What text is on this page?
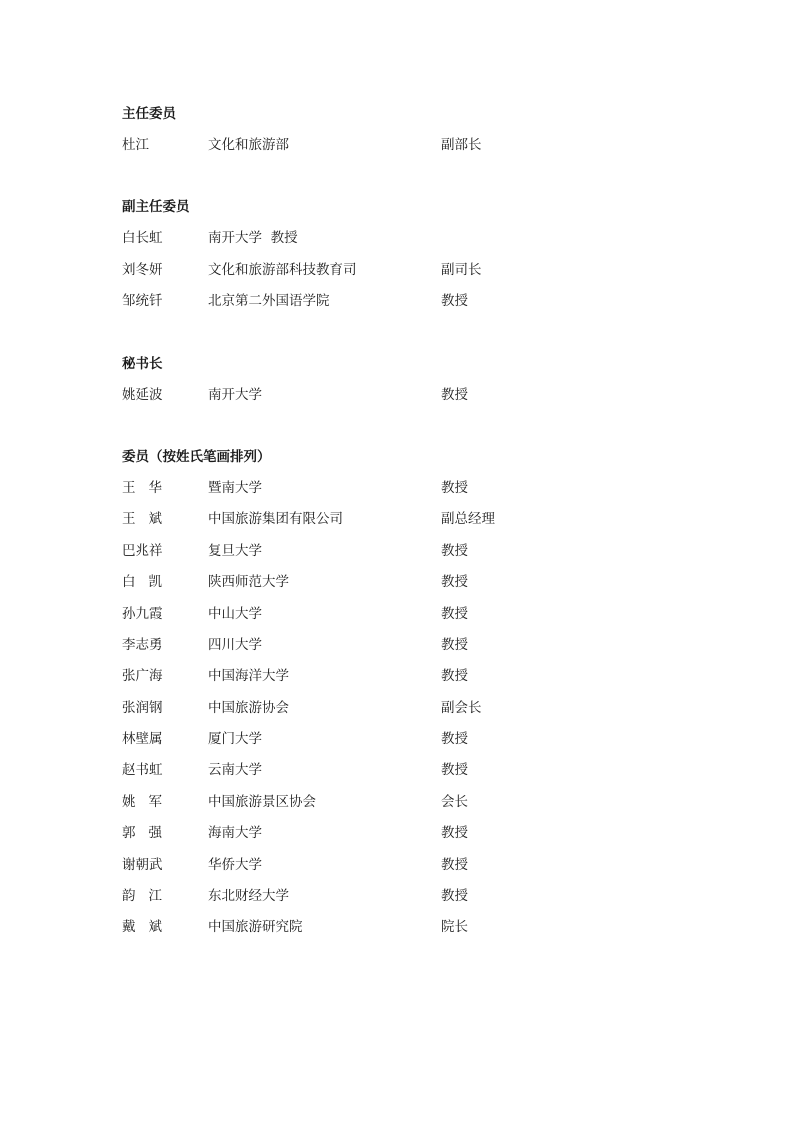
主任委员
杜江	文化和旅游部	副部长
副主任委员
白长虹	南开大学  教授
刘冬妍	文化和旅游部科技教育司	副司长
邹统钎	北京第二外国语学院	教授
秘书长
姚延波	南开大学	教授
委员（按姓氏笔画排列）
王华	暨南大学	教授
王斌	中国旅游集团有限公司	副总经理
巴兆祥	复旦大学	教授
白凯	陕西师范大学	教授
孙九霞	中山大学	教授
李志勇	四川大学	教授
张广海	中国海洋大学	教授
张润钢	中国旅游协会	副会长
林壁属	厦门大学	教授
赵书虹	云南大学	教授
姚军	中国旅游景区协会	会长
郭强	海南大学	教授
谢朝武	华侨大学	教授
韵江	东北财经大学	教授
戴斌	中国旅游研究院	院长
